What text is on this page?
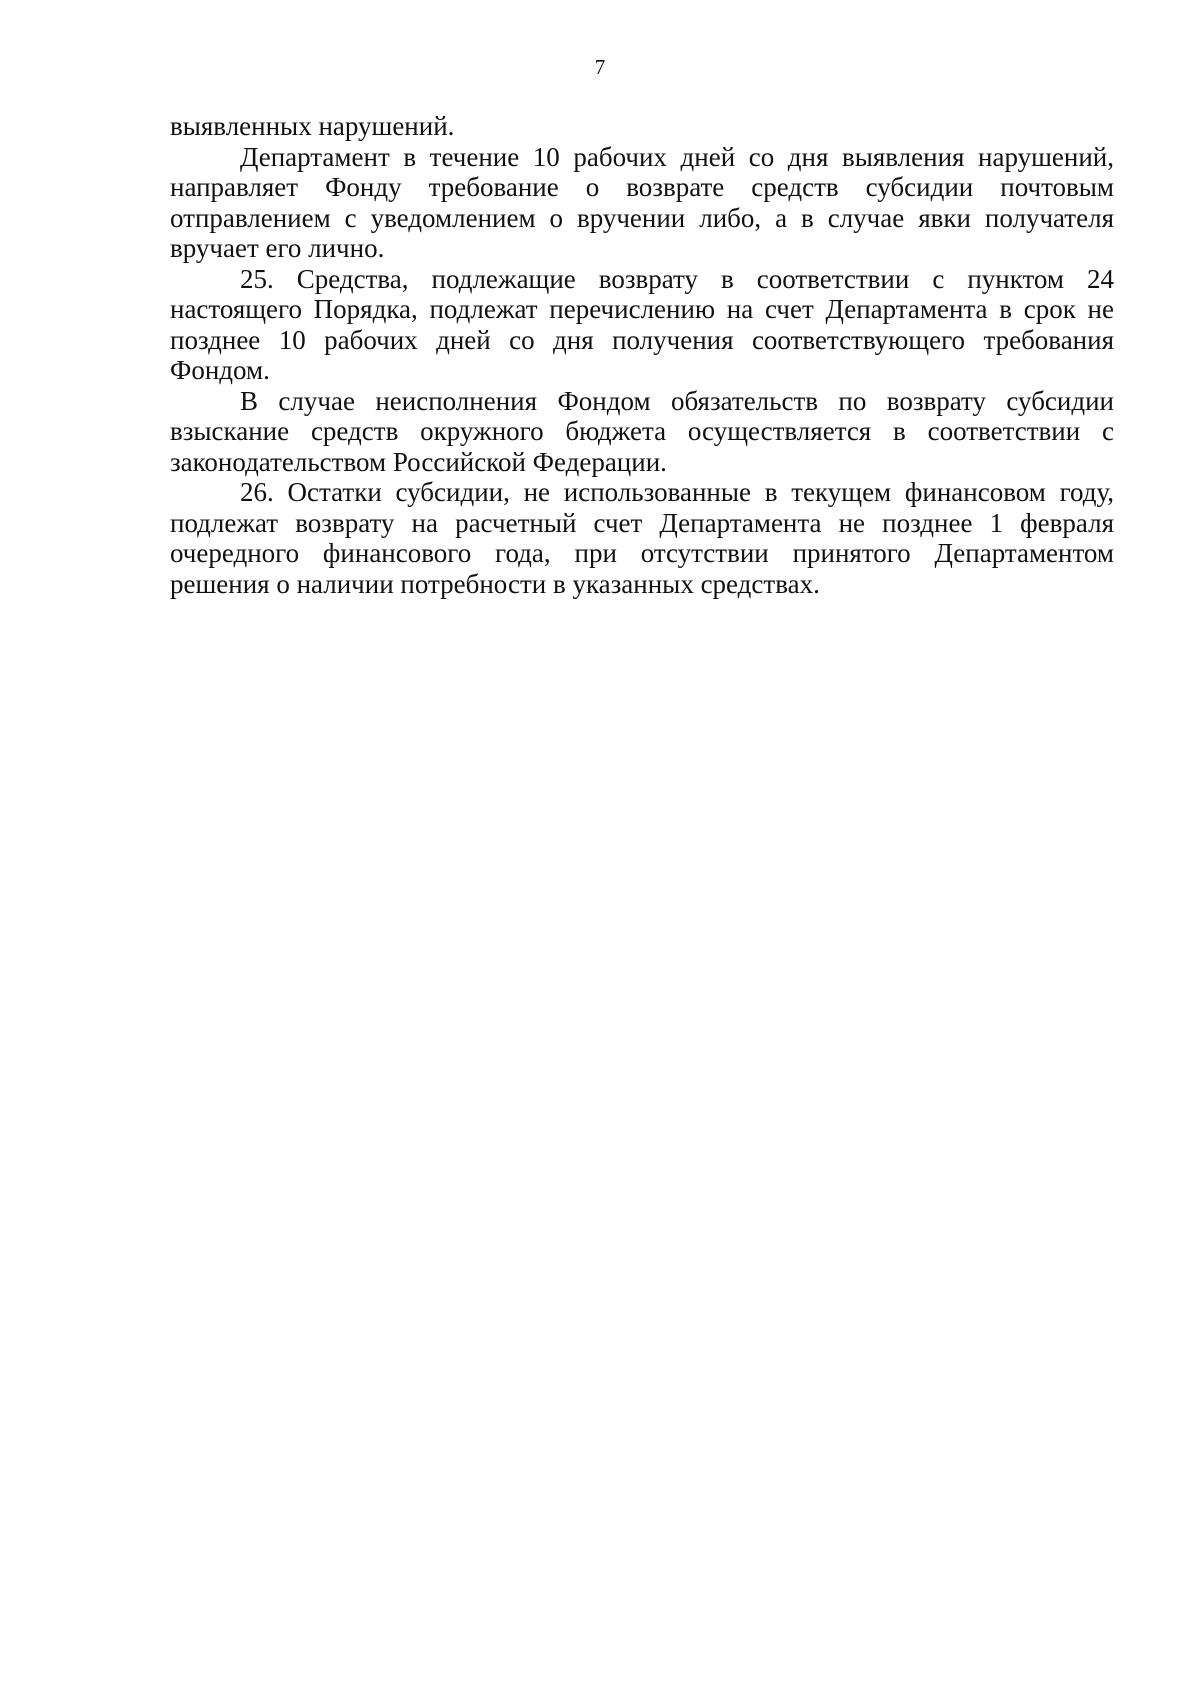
7

выявленных нарушений.

Департамент в течение 10 рабочих дней со дня выявления нарушений, направляет Фонду требование о возврате средств субсидии почтовым отправлением с уведомлением о вручении либо, а в случае явки получателя вручает его лично.

25. Средства, подлежащие возврату в соответствии с пунктом 24 настоящего Порядка, подлежат перечислению на счет Департамента в срок не позднее 10 рабочих дней со дня получения соответствующего требования Фондом.

В случае неисполнения Фондом обязательств по возврату субсидии взыскание средств окружного бюджета осуществляется в соответствии с законодательством Российской Федерации.

26. Остатки субсидии, не использованные в текущем финансовом году, подлежат возврату на расчетный счет Департамента не позднее 1 февраля очередного финансового года, при отсутствии принятого Департаментом решения о наличии потребности в указанных средствах.
